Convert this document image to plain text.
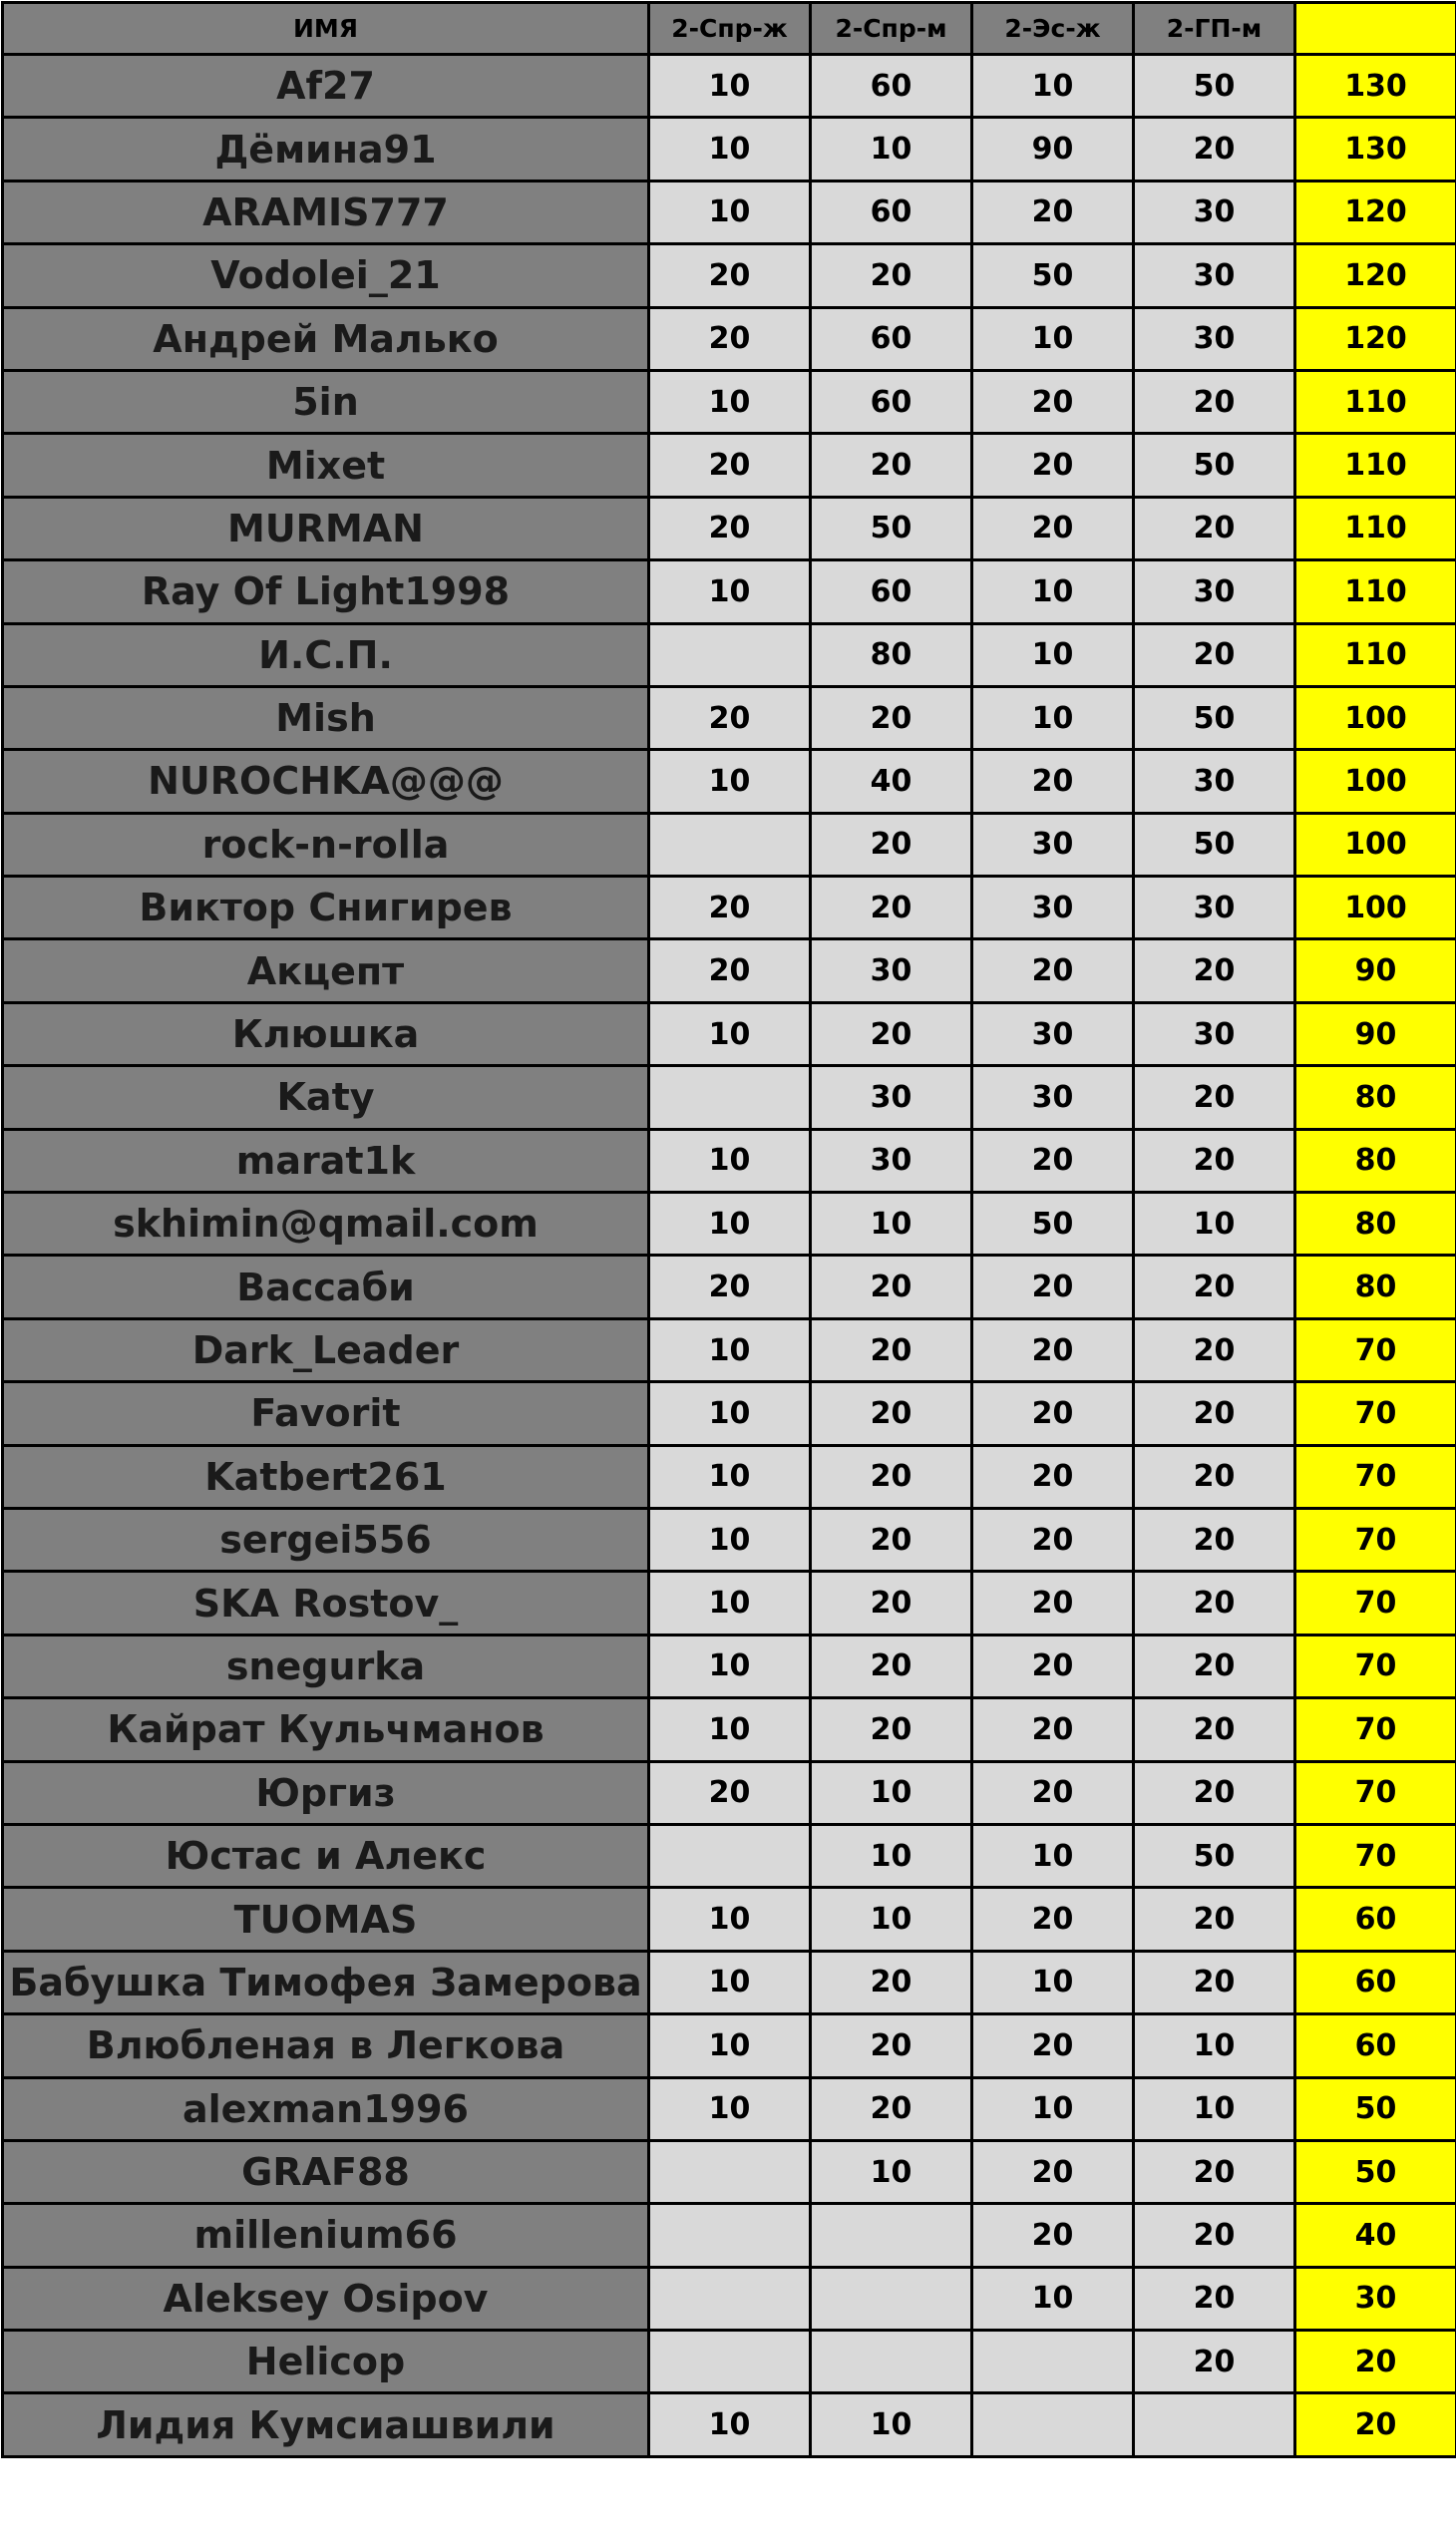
ИМЯ	2-Спр-ж	2-Спр-м	2-Эс-ж	2-ГП-м	
Af27	10	60	10	50	130
Дёмина91	10	10	90	20	130
ARAMIS777	10	60	20	30	120
Vodolei_21	20	20	50	30	120
Андрей Малько	20	60	10	30	120
5in	10	60	20	20	110
Mixet	20	20	20	50	110
MURMAN	20	50	20	20	110
Ray Of Light1998	10	60	10	30	110
И.С.П.		80	10	20	110
Mish	20	20	10	50	100
NUROCHKA@@@	10	40	20	30	100
rock-n-rolla		20	30	50	100
Виктор Снигирев	20	20	30	30	100
Акцепт	20	30	20	20	90
Клюшка	10	20	30	30	90
Katy		30	30	20	80
marat1k	10	30	20	20	80
skhimin@qmail.com	10	10	50	10	80
Вассаби	20	20	20	20	80
Dark_Leader	10	20	20	20	70
Favorit	10	20	20	20	70
Katbert261	10	20	20	20	70
sergei556	10	20	20	20	70
SKA Rostov_	10	20	20	20	70
snegurka	10	20	20	20	70
Кайрат Кульчманов	10	20	20	20	70
Юргиз	20	10	20	20	70
Юстас и Алекс		10	10	50	70
TUOMAS	10	10	20	20	60
Бабушка Тимофея Замерова	10	20	10	20	60
Влюбленая в Легкова	10	20	20	10	60
alexman1996	10	20	10	10	50
GRAF88		10	20	20	50
millenium66			20	20	40
Aleksey Osipov			10	20	30
Helicop				20	20
Лидия Кумсиашвили	10	10			20
